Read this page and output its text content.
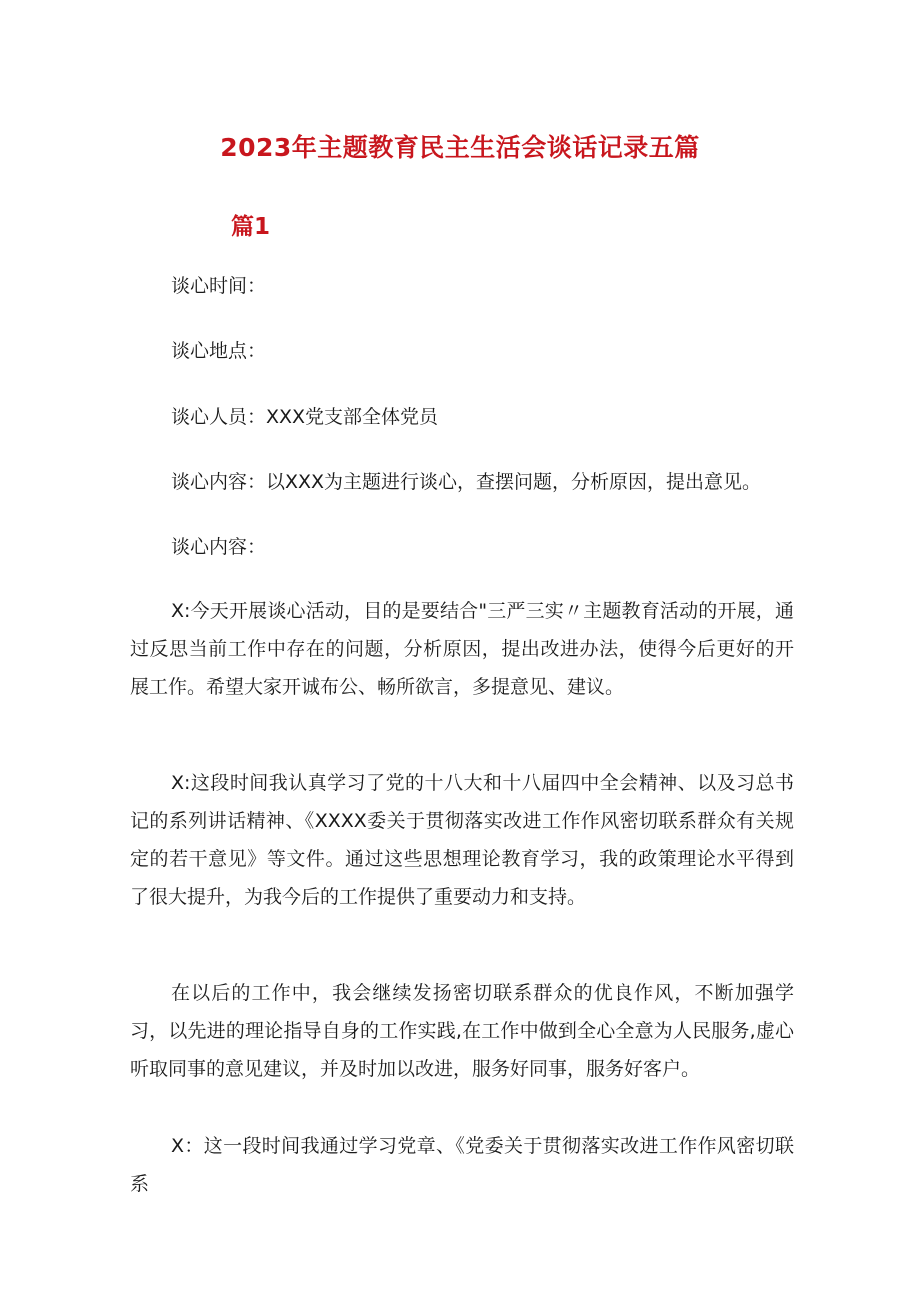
2023年主题教育民主生活会谈话记录五篇
篇1

谈心时间：

谈心地点：

谈心人员：XXX党支部全体党员

谈心内容：以XXX为主题进行谈心，查摆问题，分析原因，提出意见。

谈心内容：

X:今天开展谈心活动，目的是要结合"三严三实〃主题教育活动的开展，通过反思当前工作中存在的问题，分析原因，提出改进办法，使得今后更好的开展工作。希望大家开诚布公、畅所欲言，多提意见、建议。

X:这段时间我认真学习了党的十八大和十八届四中全会精神、以及习总书记的系列讲话精神、《XXXX委关于贯彻落实改进工作作风密切联系群众有关规定的若干意见》等文件。通过这些思想理论教育学习，我的政策理论水平得到了很大提升，为我今后的工作提供了重要动力和支持。

在以后的工作中，我会继续发扬密切联系群众的优良作风，不断加强学习，以先进的理论指导自身的工作实践,在工作中做到全心全意为人民服务,虚心听取同事的意见建议，并及时加以改进，服务好同事，服务好客户。

X：这一段时间我通过学习党章、《党委关于贯彻落实改进工作作风密切联系
